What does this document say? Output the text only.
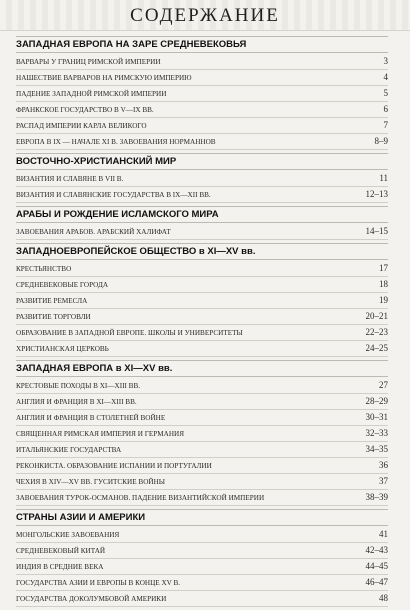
СОДЕРЖАНИЕ
ЗАПАДНАЯ ЕВРОПА НА ЗАРЕ СРЕДНЕВЕКОВЬЯ
ВАРВАРЫ У ГРАНИЦ РИМСКОЙ ИМПЕРИИ	3
НАШЕСТВИЕ ВАРВАРОВ НА РИМСКУЮ ИМПЕРИЮ	4
ПАДЕНИЕ ЗАПАДНОЙ РИМСКОЙ ИМПЕРИИ	5
ФРАНКСКОЕ ГОСУДАРСТВО В V—IX ВВ.	6
РАСПАД ИМПЕРИИ КАРЛА ВЕЛИКОГО	7
ЕВРОПА В IX — НАЧАЛЕ XI В. ЗАВОЕВАНИЯ НОРМАННОВ	8–9
ВОСТОЧНО-ХРИСТИАНСКИЙ МИР
ВИЗАНТИЯ И СЛАВЯНЕ В VII В.	11
ВИЗАНТИЯ И СЛАВЯНСКИЕ ГОСУДАРСТВА В IX—XII ВВ.	12–13
АРАБЫ И РОЖДЕНИЕ ИСЛАМСКОГО МИРА
ЗАВОЕВАНИЯ АРАБОВ. АРАБСКИЙ ХАЛИФАТ	14–15
ЗАПАДНОЕВРОПЕЙСКОЕ ОБЩЕСТВО в XI—XV вв.
КРЕСТЬЯНСТВО	17
СРЕДНЕВЕКОВЫЕ ГОРОДА	18
РАЗВИТИЕ РЕМЕСЛА	19
РАЗВИТИЕ ТОРГОВЛИ	20–21
ОБРАЗОВАНИЕ В ЗАПАДНОЙ ЕВРОПЕ. ШКОЛЫ И УНИВЕРСИТЕТЫ	22–23
ХРИСТИАНСКАЯ ЦЕРКОВЬ	24–25
ЗАПАДНАЯ ЕВРОПА в XI—XV вв.
КРЕСТОВЫЕ ПОХОДЫ В XI—XIII ВВ.	27
АНГЛИЯ И ФРАНЦИЯ В XI—XIII ВВ.	28–29
АНГЛИЯ И ФРАНЦИЯ В СТОЛЕТНЕЙ ВОЙНЕ	30–31
СВЯЩЕННАЯ РИМСКАЯ ИМПЕРИЯ И ГЕРМАНИЯ	32–33
ИТАЛЬЯНСКИЕ ГОСУДАРСТВА	34–35
РЕКОНКИСТА. ОБРАЗОВАНИЕ ИСПАНИИ И ПОРТУГАЛИИ	36
ЧЕХИЯ В XIV—XV ВВ. ГУСИТСКИЕ ВОЙНЫ	37
ЗАВОЕВАНИЯ ТУРОК-ОСМАНОВ. ПАДЕНИЕ ВИЗАНТИЙСКОЙ ИМПЕРИИ	38–39
СТРАНЫ АЗИИ И АМЕРИКИ
МОНГОЛЬСКИЕ ЗАВОЕВАНИЯ	41
СРЕДНЕВЕКОВЫЙ КИТАЙ	42–43
ИНДИЯ В СРЕДНИЕ ВЕКА	44–45
ГОСУДАРСТВА АЗИИ И ЕВРОПЫ В КОНЦЕ XV В.	46–47
ГОСУДАРСТВА ДОКОЛУМБОВОЙ АМЕРИКИ	48
